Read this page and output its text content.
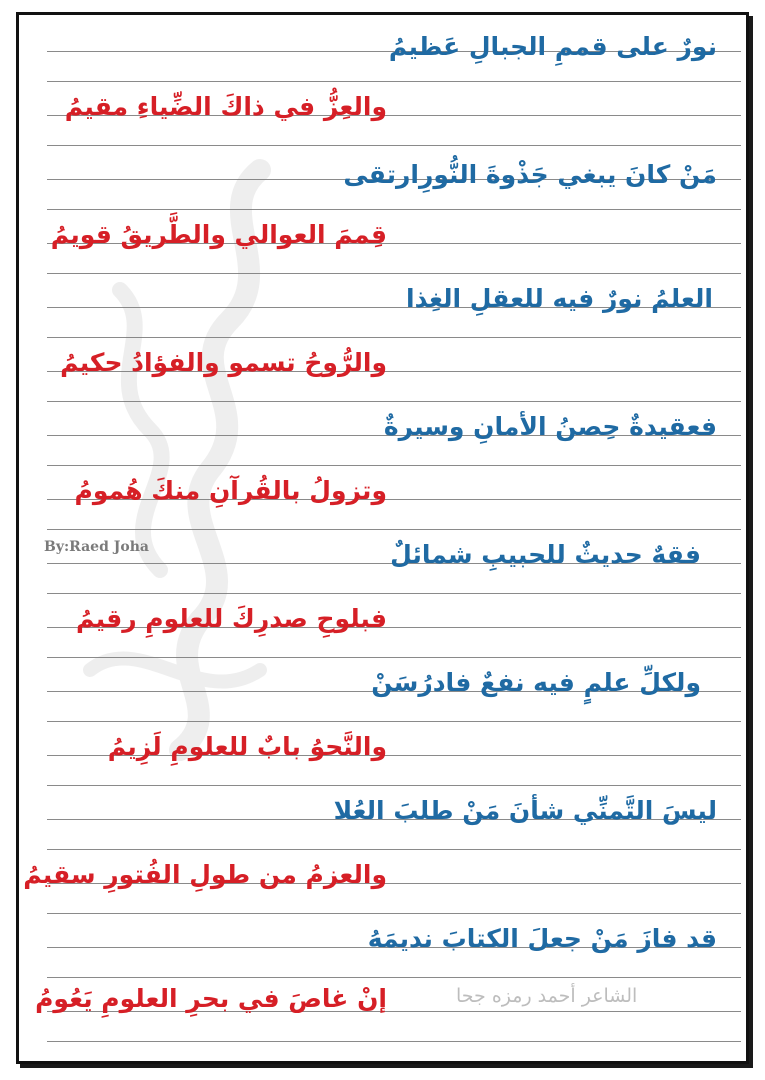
نورٌ على قممِ الجبالِ عَظيمُ
والعِزُّ في ذاكَ الضِّياءِ مقيمُ
مَنْ كانَ يبغي جَذْوةَ النُّورِارتقى
قِممَ العوالي والطَّريقُ قويمُ
العلمُ نورٌ فيه للعقلِ الغِذا
والرُّوحُ تسمو والفؤادُ حكيمُ
فعقيدةٌ حِصنُ الأمانِ وسيرةٌ
وتزولُ بالقُرآنِ منكَ هُمومُ
فقهٌ حديثٌ للحبيبِ شمائلٌ
فبلوحِ صدرِكَ للعلومِ رقيمُ
ولكلِّ علمٍ فيه نفعٌ فادرُسَنْ
والنَّحوُ بابٌ للعلومِ لَزِيمُ
ليسَ التَّمنِّي شأنَ مَنْ طلبَ العُلا
والعزمُ من طولِ الفُتورِ سقيمُ
قد فازَ مَنْ جعلَ الكتابَ نديمَهُ
إنْ غاصَ في بحرِ العلومِ يَعُومُ
By:Raed Joha
الشاعر أحمد رمزه جحا
